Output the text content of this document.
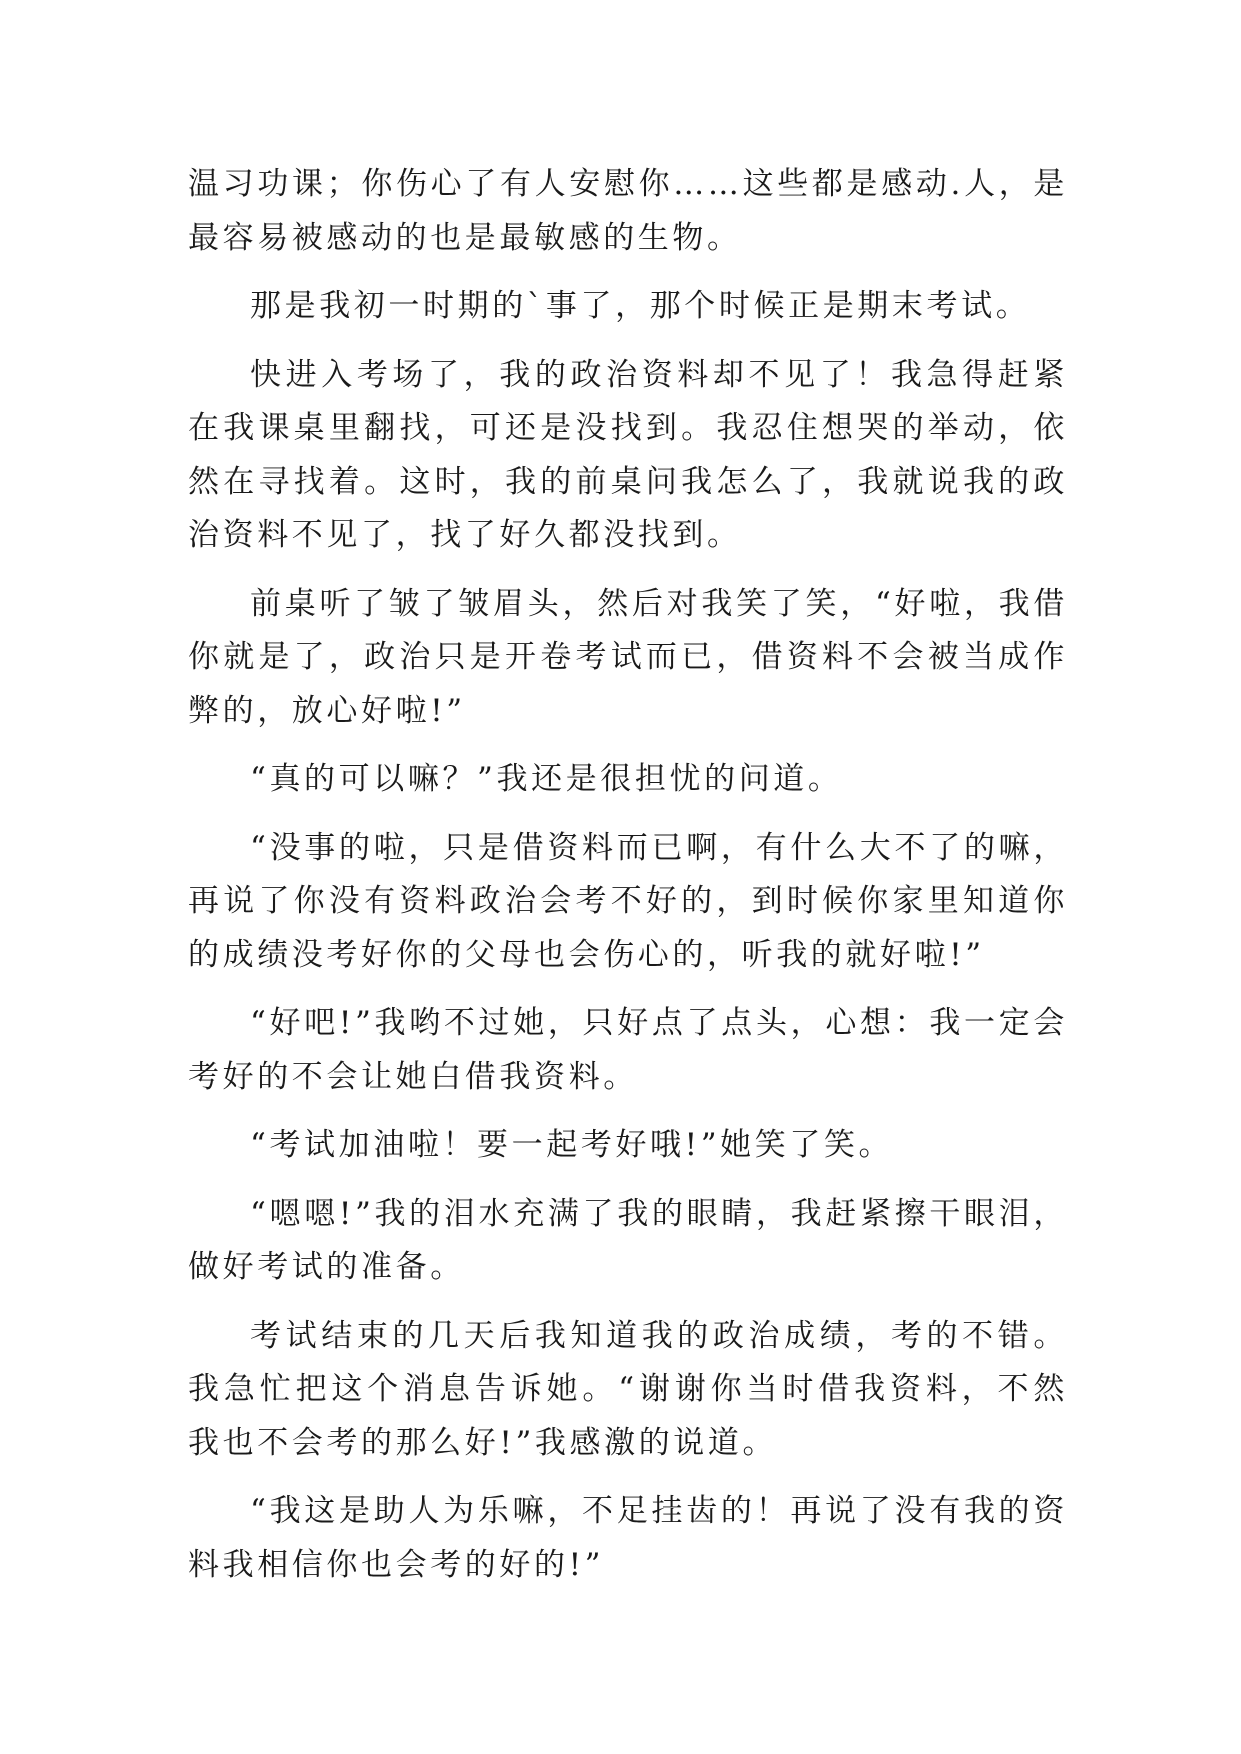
温习功课；你伤心了有人安慰你……这些都是感动.人，是最容易被感动的也是最敏感的生物。

那是我初一时期的`事了，那个时候正是期末考试。

快进入考场了，我的政治资料却不见了！我急得赶紧在我课桌里翻找，可还是没找到。我忍住想哭的举动，依然在寻找着。这时，我的前桌问我怎么了，我就说我的政治资料不见了，找了好久都没找到。

前桌听了皱了皱眉头，然后对我笑了笑，“好啦，我借你就是了，政治只是开卷考试而已，借资料不会被当成作弊的，放心好啦!”

“真的可以嘛？”我还是很担忧的问道。

“没事的啦，只是借资料而已啊，有什么大不了的嘛，再说了你没有资料政治会考不好的，到时候你家里知道你的成绩没考好你的父母也会伤心的，听我的就好啦!”

“好吧!”我哟不过她，只好点了点头，心想：我一定会考好的不会让她白借我资料。

“考试加油啦！要一起考好哦!”她笑了笑。

“嗯嗯!”我的泪水充满了我的眼睛，我赶紧擦干眼泪，做好考试的准备。

考试结束的几天后我知道我的政治成绩，考的不错。我急忙把这个消息告诉她。“谢谢你当时借我资料，不然我也不会考的那么好!”我感激的说道。

“我这是助人为乐嘛，不足挂齿的！再说了没有我的资料我相信你也会考的好的!”
